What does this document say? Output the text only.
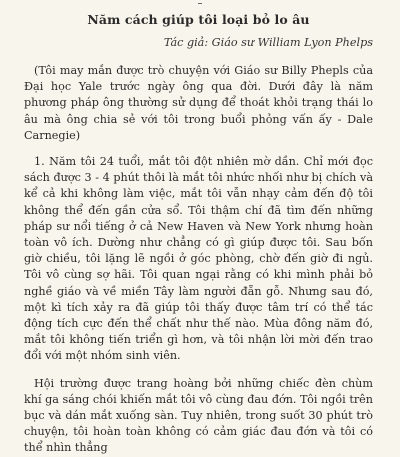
Năm cách giúp tôi loại bỏ lo âu

Tác giả: Giáo sư William Lyon Phelps

(Tôi may mắn được trò chuyện với Giáo sư Billy Phepls của Đại học Yale trước ngày ông qua đời. Dưới đây là năm phương pháp ông thường sử dụng để thoát khỏi trạng thái lo âu mà ông chia sẻ với tôi trong buổi phỏng vấn ấy - Dale Carnegie)

1. Năm tôi 24 tuổi, mắt tôi đột nhiên mờ dần. Chỉ mới đọc sách được 3 - 4 phút thôi là mắt tôi nhức nhối như bị chích và kể cả khi không làm việc, mắt tôi vẫn nhạy cảm đến độ tôi không thể đến gần cửa sổ. Tôi thậm chí đã tìm đến những pháp sư nổi tiếng ở cả New Haven và New York nhưng hoàn toàn vô ích. Dường như chẳng có gì giúp được tôi. Sau bốn giờ chiều, tôi lặng lẽ ngồi ở góc phòng, chờ đến giờ đi ngủ. Tôi vô cùng sợ hãi. Tôi quan ngại rằng có khi mình phải bỏ nghề giáo và về miền Tây làm người đẵn gỗ. Nhưng sau đó, một kì tích xảy ra đã giúp tôi thấy được tâm trí có thể tác động tích cực đến thể chất như thế nào. Mùa đông năm đó, mắt tôi không tiến triển gì hơn, và tôi nhận lời mời đến trao đổi với một nhóm sinh viên.

Hội trường được trang hoàng bởi những chiếc đèn chùm khí ga sáng chói khiến mắt tôi vô cùng đau đớn. Tôi ngồi trên bục và dán mắt xuống sàn. Tuy nhiên, trong suốt 30 phút trò chuyện, tôi hoàn toàn không có cảm giác đau đớn và tôi có thể nhìn thẳng
